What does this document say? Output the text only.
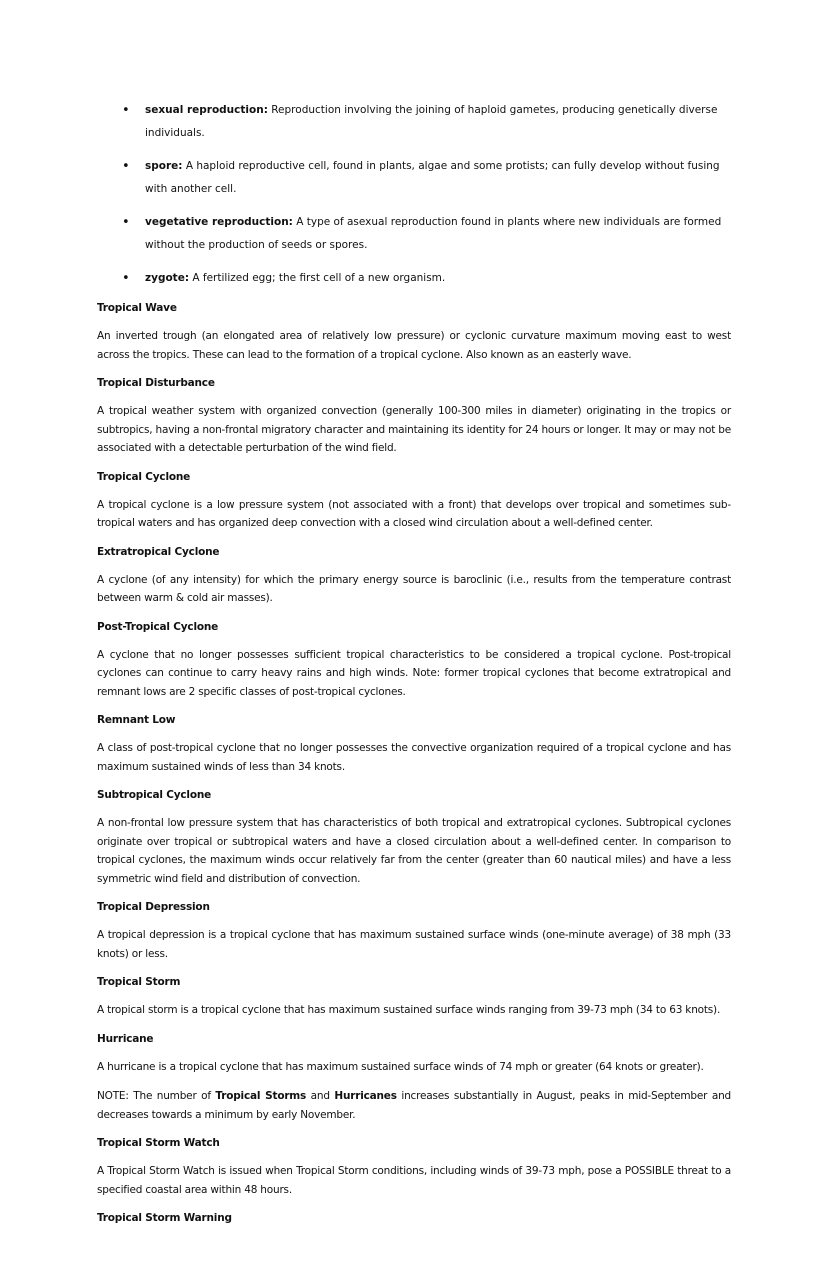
• sexual reproduction: Reproduction involving the joining of haploid gametes, producing genetically diverse individuals.
• spore: A haploid reproductive cell, found in plants, algae and some protists; can fully develop without fusing with another cell.
• vegetative reproduction: A type of asexual reproduction found in plants where new individuals are formed without the production of seeds or spores.
• zygote: A fertilized egg; the first cell of a new organism.
Tropical Wave

An inverted trough (an elongated area of relatively low pressure) or cyclonic curvature maximum moving east to west across the tropics. These can lead to the formation of a tropical cyclone. Also known as an easterly wave.

Tropical Disturbance

A tropical weather system with organized convection (generally 100-300 miles in diameter) originating in the tropics or subtropics, having a non-frontal migratory character and maintaining its identity for 24 hours or longer. It may or may not be associated with a detectable perturbation of the wind field.

Tropical Cyclone

A tropical cyclone is a low pressure system (not associated with a front) that develops over tropical and sometimes sub-tropical waters and has organized deep convection with a closed wind circulation about a well-defined center.

Extratropical Cyclone

A cyclone (of any intensity) for which the primary energy source is baroclinic (i.e., results from the temperature contrast between warm & cold air masses).

Post-Tropical Cyclone

A cyclone that no longer possesses sufficient tropical characteristics to be considered a tropical cyclone. Post-tropical cyclones can continue to carry heavy rains and high winds. Note: former tropical cyclones that become extratropical and remnant lows are 2 specific classes of post-tropical cyclones.

Remnant Low

A class of post-tropical cyclone that no longer possesses the convective organization required of a tropical cyclone and has maximum sustained winds of less than 34 knots.

Subtropical Cyclone

A non-frontal low pressure system that has characteristics of both tropical and extratropical cyclones. Subtropical cyclones originate over tropical or subtropical waters and have a closed circulation about a well-defined center. In comparison to tropical cyclones, the maximum winds occur relatively far from the center (greater than 60 nautical miles) and have a less symmetric wind field and distribution of convection.

Tropical Depression

A tropical depression is a tropical cyclone that has maximum sustained surface winds (one-minute average) of 38 mph (33 knots) or less.

Tropical Storm

A tropical storm is a tropical cyclone that has maximum sustained surface winds ranging from 39-73 mph (34 to 63 knots).

Hurricane

A hurricane is a tropical cyclone that has maximum sustained surface winds of 74 mph or greater (64 knots or greater).

NOTE: The number of Tropical Storms and Hurricanes increases substantially in August, peaks in mid-September and decreases towards a minimum by early November.

Tropical Storm Watch

A Tropical Storm Watch is issued when Tropical Storm conditions, including winds of 39-73 mph, pose a POSSIBLE threat to a specified coastal area within 48 hours.

Tropical Storm Warning
